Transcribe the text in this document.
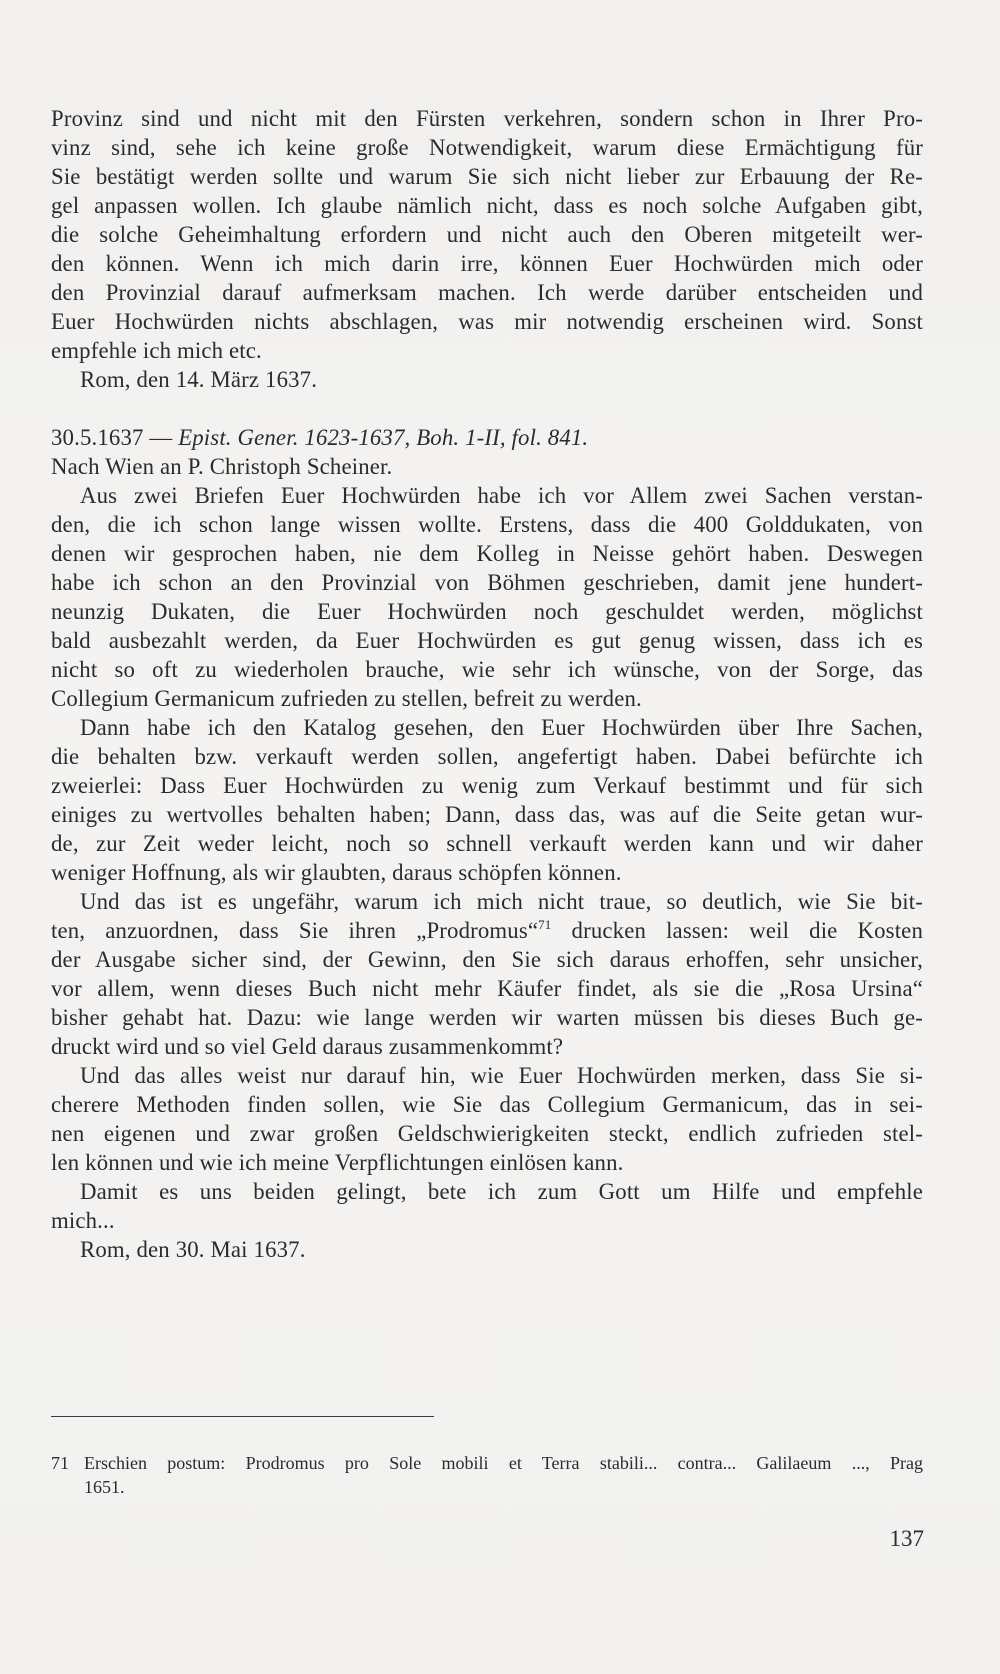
Provinz sind und nicht mit den Fürsten verkehren, sondern schon in Ihrer Pro-
vinz sind, sehe ich keine große Notwendigkeit, warum diese Ermächtigung für
Sie bestätigt werden sollte und warum Sie sich nicht lieber zur Erbauung der Re-
gel anpassen wollen. Ich glaube nämlich nicht, dass es noch solche Aufgaben gibt,
die solche Geheimhaltung erfordern und nicht auch den Oberen mitgeteilt wer-
den können. Wenn ich mich darin irre, können Euer Hochwürden mich oder
den Provinzial darauf aufmerksam machen. Ich werde darüber entscheiden und
Euer Hochwürden nichts abschlagen, was mir notwendig erscheinen wird. Sonst
empfehle ich mich etc.

Rom, den 14. März 1637.

30.5.1637 — Epist. Gener. 1623-1637, Boh. 1-II, fol. 841.

Nach Wien an P. Christoph Scheiner.

Aus zwei Briefen Euer Hochwürden habe ich vor Allem zwei Sachen verstan-
den, die ich schon lange wissen wollte. Erstens, dass die 400 Golddukaten, von
denen wir gesprochen haben, nie dem Kolleg in Neisse gehört haben. Deswegen
habe ich schon an den Provinzial von Böhmen geschrieben, damit jene hundert-
neunzig Dukaten, die Euer Hochwürden noch geschuldet werden, möglichst
bald ausbezahlt werden, da Euer Hochwürden es gut genug wissen, dass ich es
nicht so oft zu wiederholen brauche, wie sehr ich wünsche, von der Sorge, das
Collegium Germanicum zufrieden zu stellen, befreit zu werden.

Dann habe ich den Katalog gesehen, den Euer Hochwürden über Ihre Sachen,
die behalten bzw. verkauft werden sollen, angefertigt haben. Dabei befürchte ich
zweierlei: Dass Euer Hochwürden zu wenig zum Verkauf bestimmt und für sich
einiges zu wertvolles behalten haben; Dann, dass das, was auf die Seite getan wur-
de, zur Zeit weder leicht, noch so schnell verkauft werden kann und wir daher
weniger Hoffnung, als wir glaubten, daraus schöpfen können.

Und das ist es ungefähr, warum ich mich nicht traue, so deutlich, wie Sie bit-
ten, anzuordnen, dass Sie ihren „Prodromus“$^{71}$ drucken lassen: weil die Kosten
der Ausgabe sicher sind, der Gewinn, den Sie sich daraus erhoffen, sehr unsicher,
vor allem, wenn dieses Buch nicht mehr Käufer findet, als sie die „Rosa Ursina“
bisher gehabt hat. Dazu: wie lange werden wir warten müssen bis dieses Buch ge-
druckt wird und so viel Geld daraus zusammenkommt?

Und das alles weist nur darauf hin, wie Euer Hochwürden merken, dass Sie si-
cherere Methoden finden sollen, wie Sie das Collegium Germanicum, das in sei-
nen eigenen und zwar großen Geldschwierigkeiten steckt, endlich zufrieden stel-
len können und wie ich meine Verpflichtungen einlösen kann.

Damit es uns beiden gelingt, bete ich zum Gott um Hilfe und empfehle
mich...

Rom, den 30. Mai 1637.

71 Erschien postum: Prodromus pro Sole mobili et Terra stabili... contra... Galilaeum ..., Prag
1651.
137
